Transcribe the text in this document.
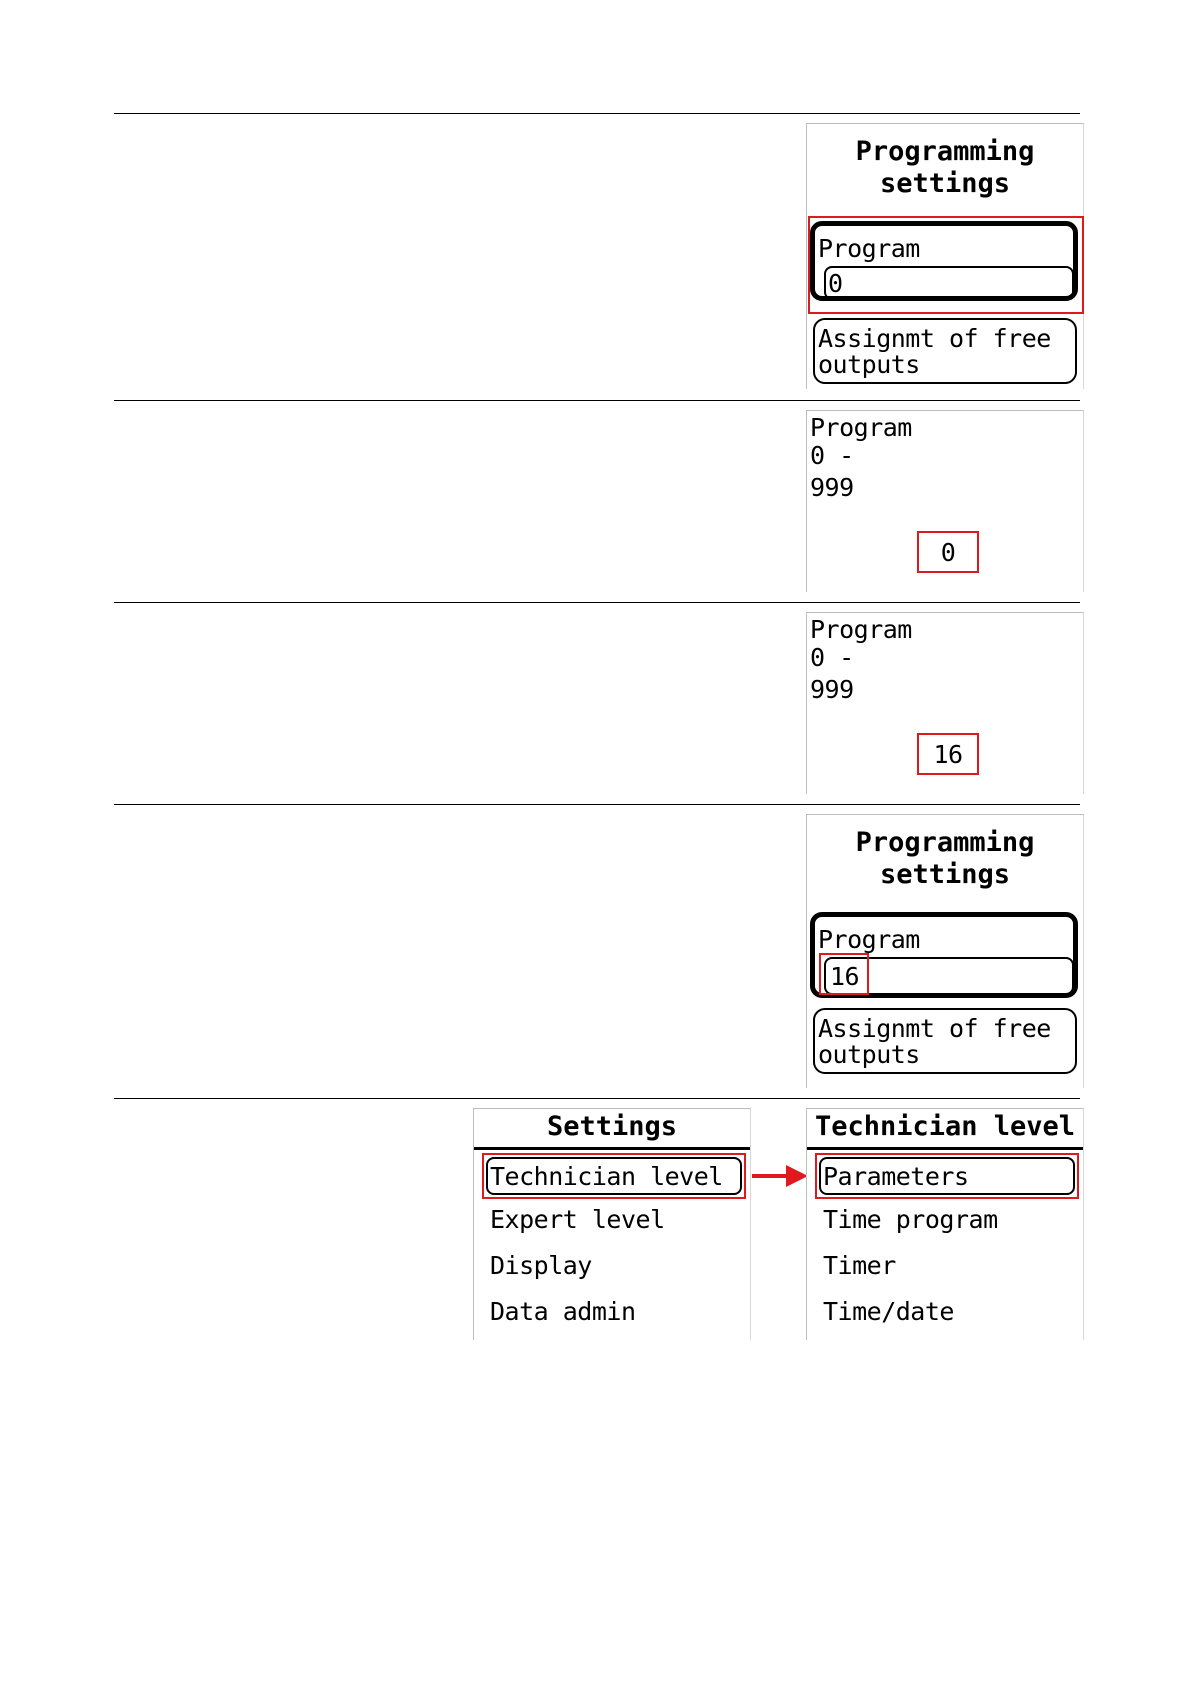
Programming
settings
Program
0
Assignmt of free
outputs
Program
0 -
999
0
Program
0 -
999
16
Programming
settings
Program
16
Assignmt of free
outputs
Settings
Technician level
Expert level
Display
Data admin
Technician level
Parameters
Time program
Timer
Time/date
